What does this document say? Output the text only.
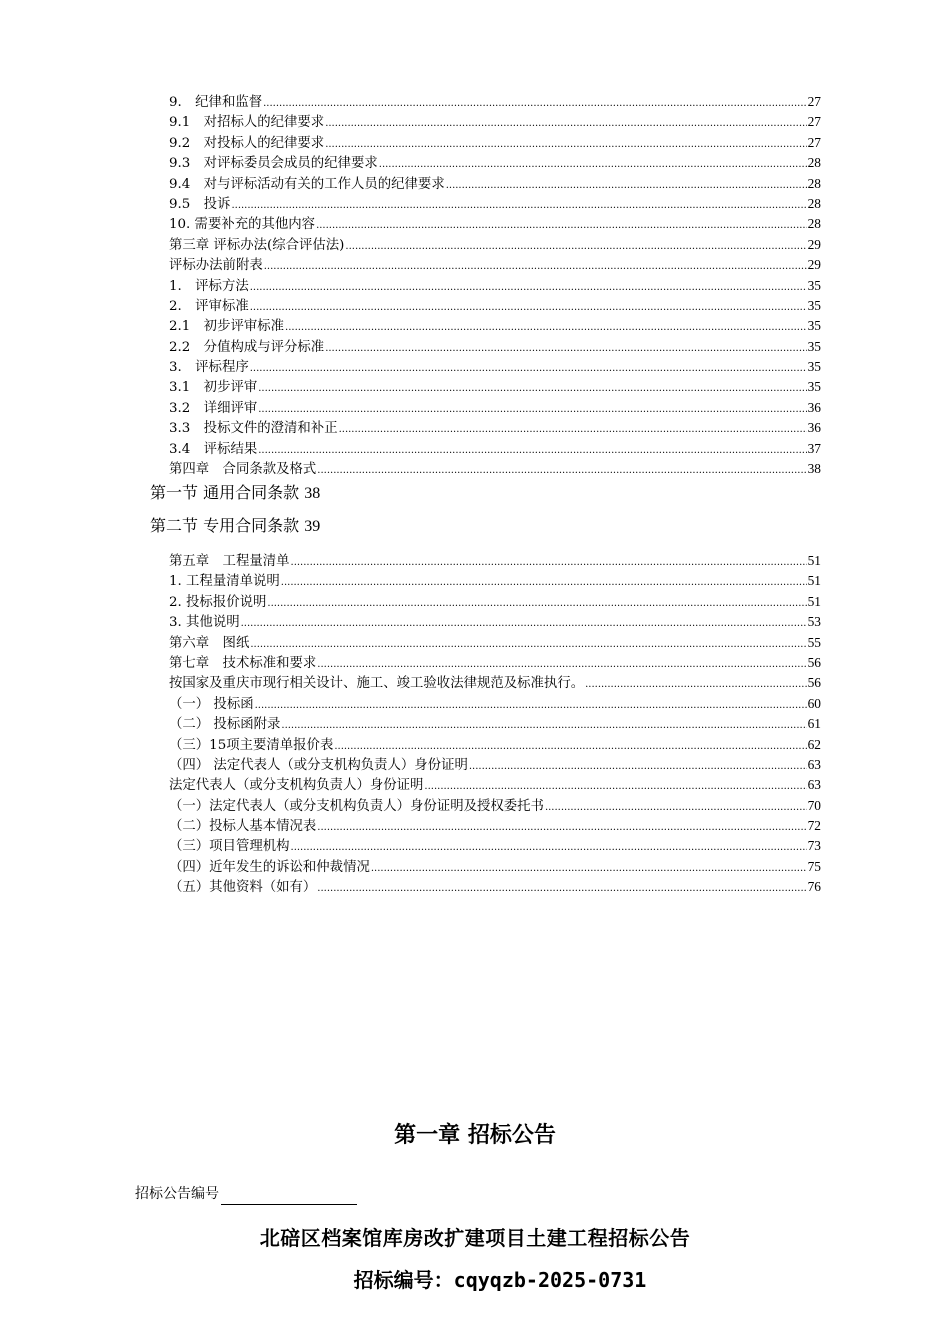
9.　纪律和监督 .....	27
9.1　对招标人的纪律要求 .....	27
9.2　对投标人的纪律要求 .....	27
9.3　对评标委员会成员的纪律要求 .....	28
9.4　对与评标活动有关的工作人员的纪律要求 .....	28
9.5　投诉 .....	28
10. 需要补充的其他内容 .....	28
第三章 评标办法(综合评估法) .....	29
评标办法前附表 .....	29
1.　评标方法 .....	35
2.　评审标准 .....	35
2.1　初步评审标准 .....	35
2.2　分值构成与评分标准 .....	35
3.　评标程序 .....	35
3.1　初步评审 .....	35
3.2　详细评审 .....	36
3.3　投标文件的澄清和补正 .....	36
3.4　评标结果 .....	37
第四章　合同条款及格式 .....	38
第一节 通用合同条款 38
第二节 专用合同条款 39
第五章　工程量清单 .....	51
1. 工程量清单说明 .....	51
2. 投标报价说明 .....	51
3. 其他说明 .....	53
第六章　图纸 .....	55
第七章　技术标准和要求 .....	56
按国家及重庆市现行相关设计、施工、竣工验收法律规范及标准执行。 .....	56
（一） 投标函 .....	60
（二） 投标函附录 .....	61
（三）15项主要清单报价表 .....	62
（四） 法定代表人（或分支机构负责人）身份证明 .....	63
法定代表人（或分支机构负责人）身份证明 .....	63
（一）法定代表人（或分支机构负责人）身份证明及授权委托书 .....	70
（二）投标人基本情况表 .....	72
（三）项目管理机构 .....	73
（四）近年发生的诉讼和仲裁情况 .....	75
（五）其他资料（如有） .....	76
第一章 招标公告
招标公告编号
北碚区档案馆库房改扩建项目土建工程招标公告
招标编号：cqyqzb-2025-0731
